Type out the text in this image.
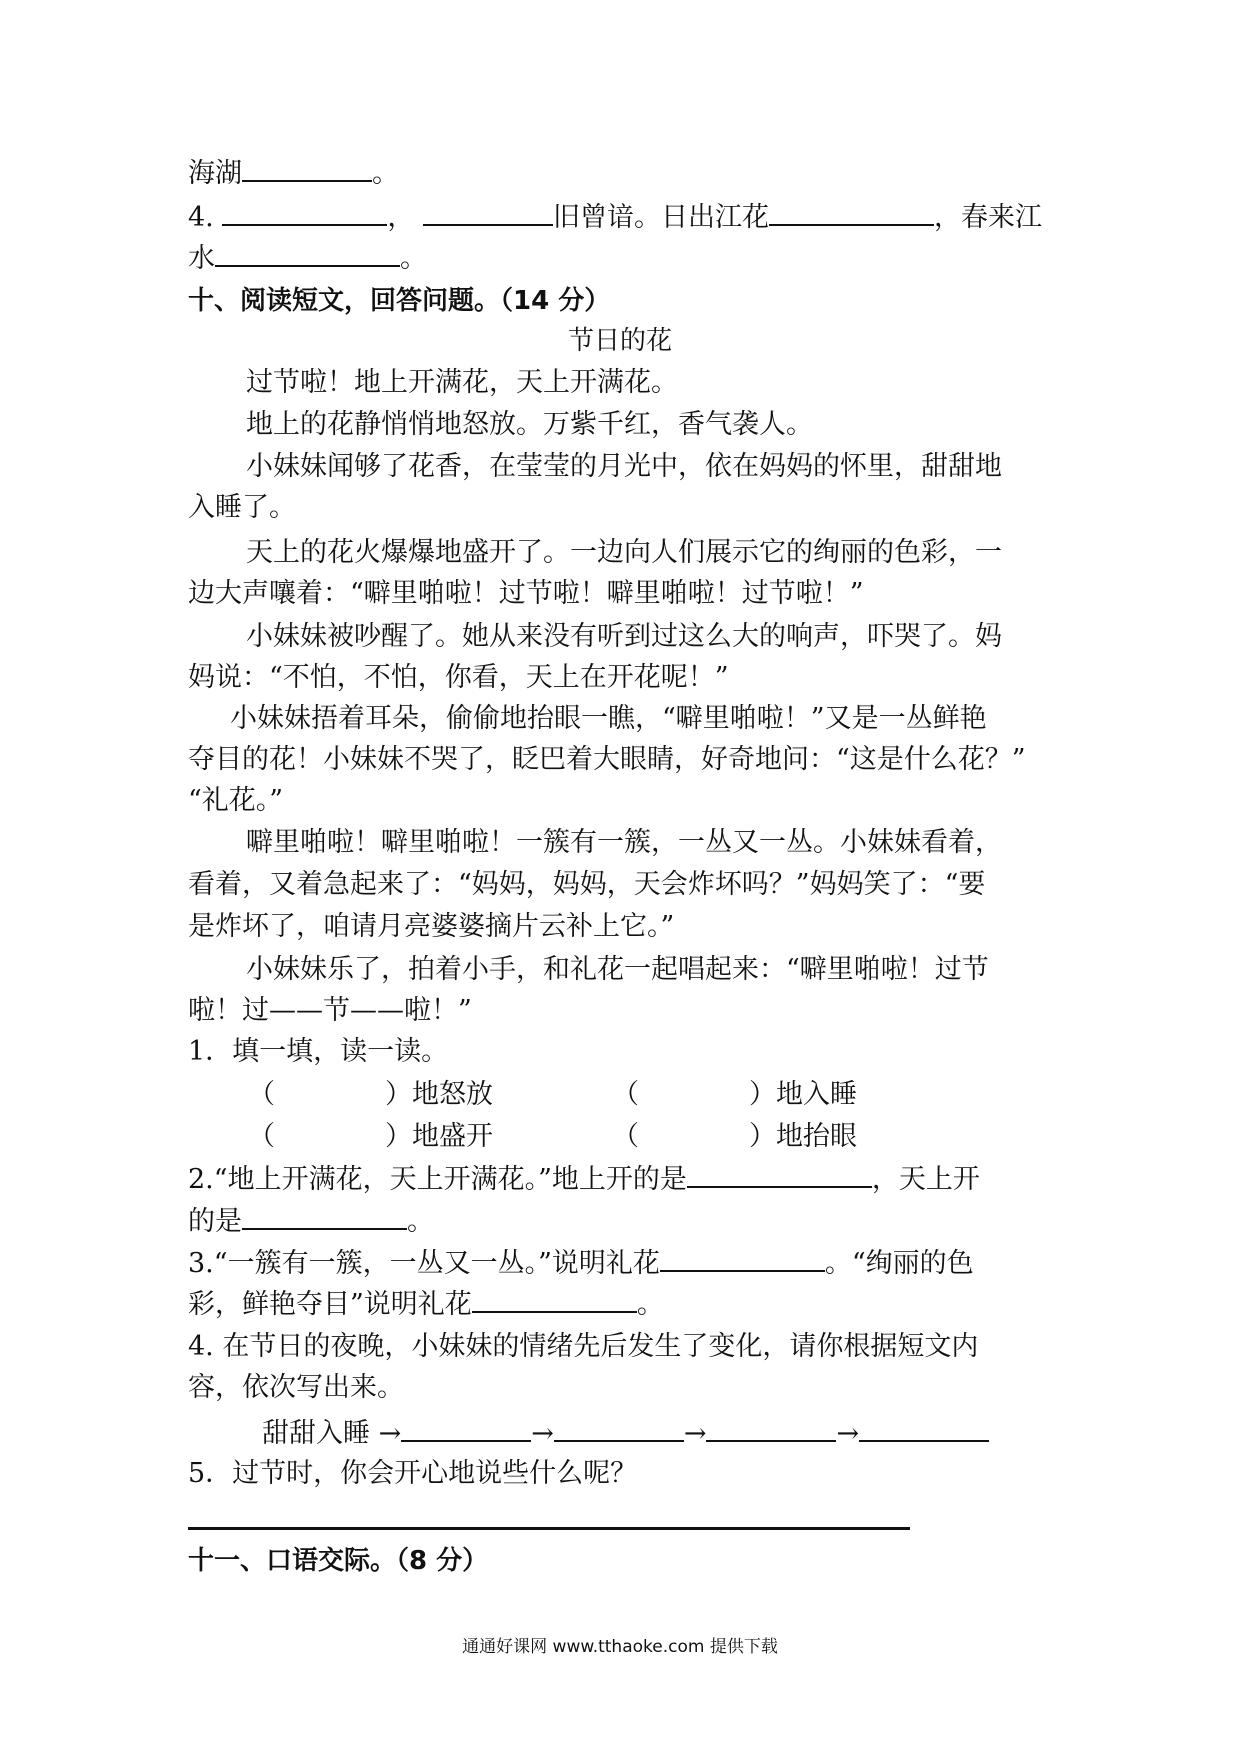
海湖	。
4.	，	旧曾谙。日出江花	，春来江
水	。
十、阅读短文，回答问题。（14 分）
节日的花
过节啦！地上开满花，天上开满花。
地上的花静悄悄地怒放。万紫千红，香气袭人。
小妹妹闻够了花香，在莹莹的月光中，依在妈妈的怀里，甜甜地
入睡了。
天上的花火爆爆地盛开了。一边向人们展示它的绚丽的色彩，一
边大声嚷着：“噼里啪啦！过节啦！噼里啪啦！过节啦！”
小妹妹被吵醒了。她从来没有听到过这么大的响声，吓哭了。妈
妈说：“不怕，不怕，你看，天上在开花呢！”
小妹妹捂着耳朵，偷偷地抬眼一瞧，“噼里啪啦！”又是一丛鲜艳
夺目的花！小妹妹不哭了，眨巴着大眼睛，好奇地问：“这是什么花？”
“礼花。”
噼里啪啦！噼里啪啦！一簇有一簇，一丛又一丛。小妹妹看着，
看着，又着急起来了：“妈妈，妈妈，天会炸坏吗？”妈妈笑了：“要
是炸坏了，咱请月亮婆婆摘片云补上它。”
小妹妹乐了，拍着小手，和礼花一起唱起来：“噼里啪啦！过节
啦！过——节——啦！”
1．填一填，读一读。
（	）地怒放	（	）地入睡
（	）地盛开	（	）地抬眼
2.“地上开满花，天上开满花。”地上开的是	，天上开
的是	。
3.“一簇有一簇，一丛又一丛。”说明礼花	。“绚丽的色
彩，鲜艳夺目”说明礼花	。
4. 在节日的夜晚，小妹妹的情绪先后发生了变化，请你根据短文内
容，依次写出来。
甜甜入睡 →	→	→	→
5．过节时，你会开心地说些什么呢？
十一、口语交际。（8 分）
通通好课网 www.tthaoke.com 提供下载
